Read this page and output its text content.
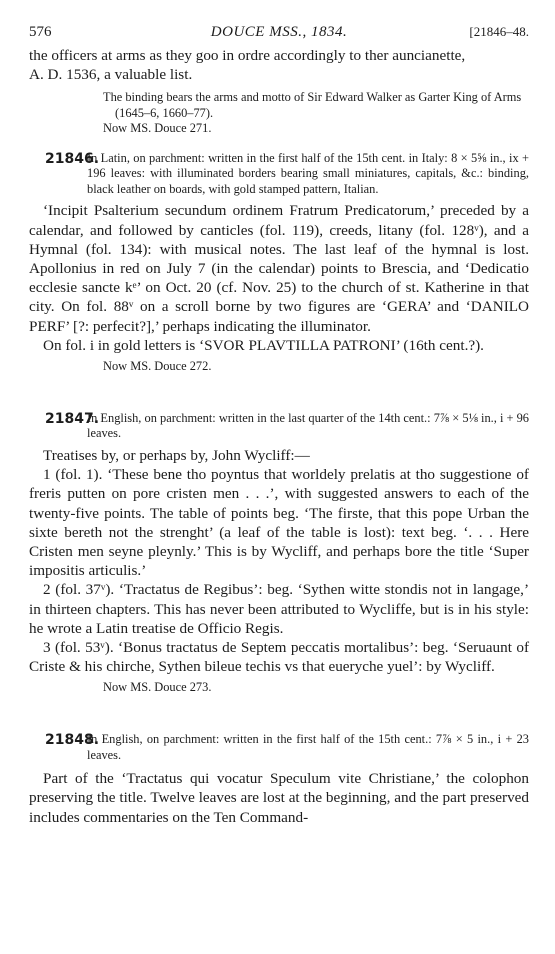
576	DOUCE MSS., 1834.	[21846–48.

the officers at arms as they goo in ordre accordingly to ther auncianette,

A. D. 1536, a valuable list.

The binding bears the arms and motto of Sir Edward Walker as Garter King of Arms (1645–6, 1660–77).

Now MS. Douce 271.

21846.
In Latin, on parchment: written in the first half of the 15th cent. in Italy: 8 × 5⅝ in., ix + 196 leaves: with illuminated borders bearing small miniatures, capitals, &c.: binding, black leather on boards, with gold stamped pattern, Italian.

‘Incipit Psalterium secundum ordinem Fratrum Predicatorum,’ preceded by a calendar, and followed by canticles (fol. 119), creeds, litany (fol. 128ᵛ), and a Hymnal (fol. 134): with musical notes. The last leaf of the hymnal is lost. Apollonius in red on July 7 (in the calendar) points to Brescia, and ‘Dedicatio ecclesie sancte kᵉ’ on Oct. 20 (cf. Nov. 25) to the church of st. Katherine in that city. On fol. 88ᵛ on a scroll borne by two figures are ‘GERA’ and ‘DANILO PERF’ [?: perfecit?],’ perhaps indicating the illuminator.

On fol. i in gold letters is ‘SVOR PLAVTILLA PATRONI’ (16th cent.?).

Now MS. Douce 272.

21847.
In English, on parchment: written in the last quarter of the 14th cent.: 7⅞ × 5⅛ in., i + 96 leaves.

Treatises by, or perhaps by, John Wycliff:—

1 (fol. 1). ‘These bene tho poyntus that worldely prelatis at tho suggestione of freris putten on pore cristen men . . .’, with suggested answers to each of the twenty-five points. The table of points beg. ‘The firste, that this pope Urban the sixte bereth not the strenght’ (a leaf of the table is lost): text beg. ‘. . . Here Cristen men seyne pleynly.’ This is by Wycliff, and perhaps bore the title ‘Super impositis articulis.’

2 (fol. 37ᵛ). ‘Tractatus de Regibus’: beg. ‘Sythen witte stondis not in langage,’ in thirteen chapters. This has never been attributed to Wycliffe, but is in his style: he wrote a Latin treatise de Officio Regis.

3 (fol. 53ᵛ). ‘Bonus tractatus de Septem peccatis mortalibus’: beg. ‘Seruaunt of Criste & his chirche, Sythen bileue techis vs that eueryche yuel’: by Wycliff.

Now MS. Douce 273.

21848.
In English, on parchment: written in the first half of the 15th cent.: 7⅞ × 5 in., i + 23 leaves.

Part of the ‘Tractatus qui vocatur Speculum vite Christiane,’ the colophon preserving the title. Twelve leaves are lost at the beginning, and the part preserved includes commentaries on the Ten Command-
